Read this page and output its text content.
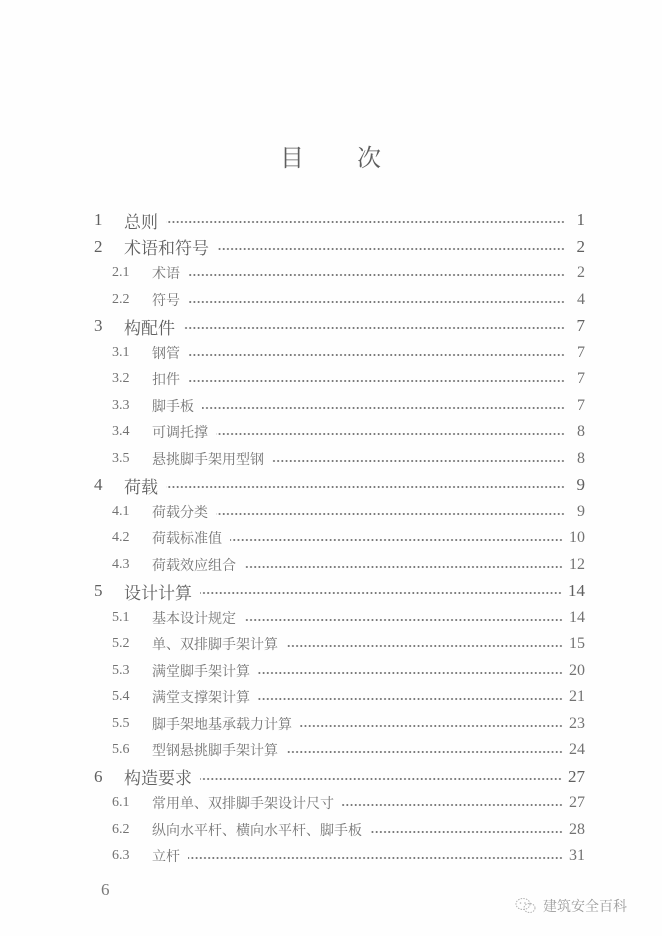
目 次
1	总则	1
2	术语和符号	2
2.1	术语	2
2.2	符号	4
3	构配件	7
3.1	钢管	7
3.2	扣件	7
3.3	脚手板	7
3.4	可调托撑	8
3.5	悬挑脚手架用型钢	8
4	荷载	9
4.1	荷载分类	9
4.2	荷载标准值	10
4.3	荷载效应组合	12
5	设计计算	14
5.1	基本设计规定	14
5.2	单、双排脚手架计算	15
5.3	满堂脚手架计算	20
5.4	满堂支撑架计算	21
5.5	脚手架地基承载力计算	23
5.6	型钢悬挑脚手架计算	24
6	构造要求	27
6.1	常用单、双排脚手架设计尺寸	27
6.2	纵向水平杆、横向水平杆、脚手板	28
6.3	立杆	31
6
建筑安全百科
